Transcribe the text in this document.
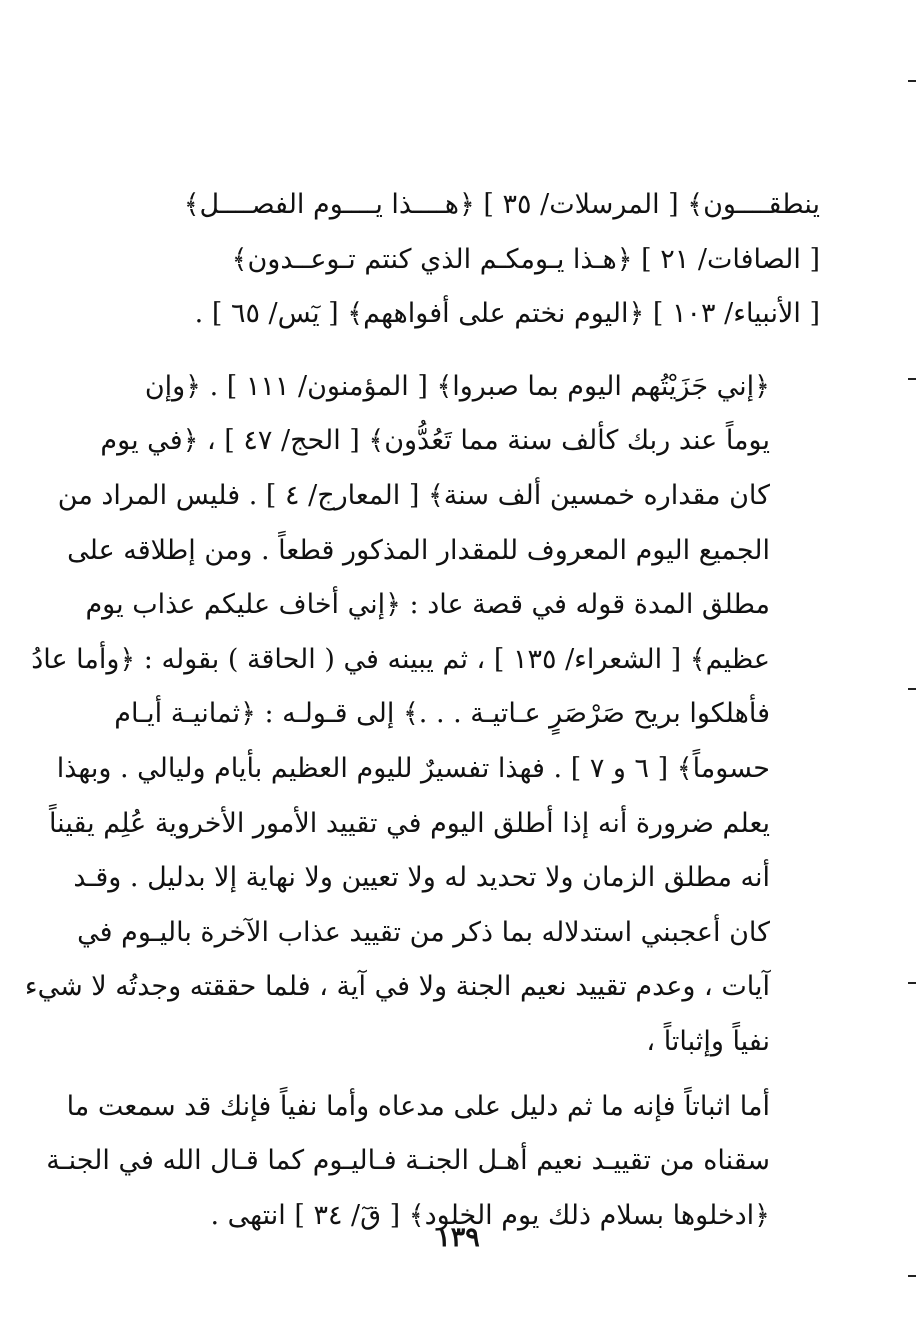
ينطقــــون﴾ [ المرسلات/ ٣٥ ] ﴿هــــذا يــــوم الفصــــل﴾
[ الصافات/ ٢١ ] ﴿هـذا يـومكـم الذي كنتم تـوعــدون﴾
[ الأنبياء/ ١٠٣ ] ﴿اليوم نختم على أفواههم﴾ [ يٓس/ ٦٥ ] .
﴿إني جَزَيْتُهم اليوم بما صبروا﴾ [ المؤمنون/ ١١١ ] . ﴿وإن
يوماً عند ربك كألف سنة مما تَعُدُّون﴾ [ الحج/ ٤٧ ] ، ﴿في يوم
كان مقداره خمسين ألف سنة﴾ [ المعارج/ ٤ ] . فليس المراد من
الجميع اليوم المعروف للمقدار المذكور قطعاً . ومن إطلاقه على
مطلق المدة قوله في قصة عاد : ﴿إني أخاف عليكم عذاب يوم
عظيم﴾ [ الشعراء/ ١٣٥ ] ، ثم يبينه في ( الحاقة ) بقوله : ﴿وأما عادُ
فأهلكوا بريح صَرْصَرٍ عـاتيـة . . .﴾ إلى قـولـه : ﴿ثمانيـة أيـام
حسوماً﴾ [ ٦ و ٧ ] . فهذا تفسيرٌ لليوم العظيم بأيام وليالي . وبهذا
يعلم ضرورة أنه إذا أطلق اليوم في تقييد الأمور الأخروية عُلِم يقيناً
أنه مطلق الزمان ولا تحديد له ولا تعيين ولا نهاية إلا بدليل . وقـد
كان أعجبني استدلاله بما ذكر من تقييد عذاب الآخرة باليـوم في
آيات ، وعدم تقييد نعيم الجنة ولا في آية ، فلما حققته وجدتُه لا شيء
نفياً وإثباتاً ،
أما اثباتاً فإنه ما ثم دليل على مدعاه وأما نفياً فإنك قد سمعت ما
سقناه من تقييـد نعيم أهـل الجنـة فـاليـوم كما قـال الله في الجنـة
﴿ادخلوها بسلام ذلك يوم الخلود﴾ [ قٓ/ ٣٤ ] انتهى .
١٣٩
